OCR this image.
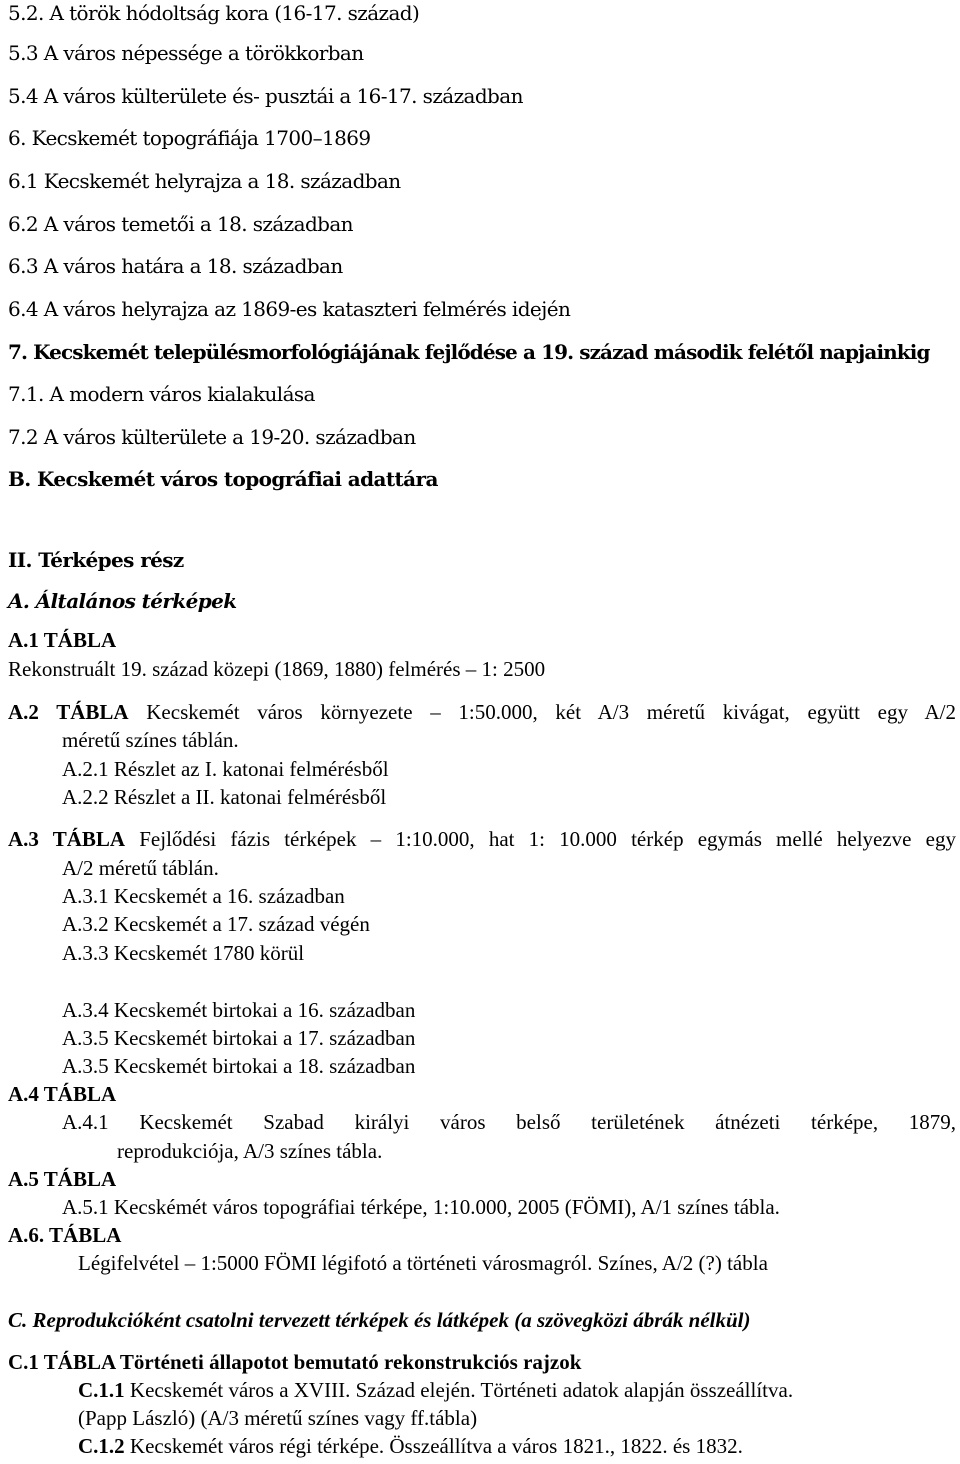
5.2. A török hódoltság kora (16-17. század)
5.3 A város népessége a törökkorban
5.4 A város külterülete és- pusztái a 16-17. században
6. Kecskemét topográfiája 1700–1869
6.1 Kecskemét helyrajza a 18. században
6.2 A város temetői a 18. században
6.3 A város határa a 18. században
6.4 A város helyrajza az 1869-es kataszteri felmérés idején
7. Kecskemét településmorfológiájának fejlődése a 19. század második felétől napjainkig
7.1. A modern város kialakulása
7.2 A város külterülete a 19-20. században
B. Kecskemét város topográfiai adattára
II. Térképes rész
A. Általános térképek
A.1 TÁBLA
Rekonstruált 19. század közepi (1869, 1880) felmérés – 1: 2500
A.2 TÁBLA Kecskemét város környezete – 1:50.000, két A/3 méretű kivágat, együtt egy A/2
méretű színes táblán.
A.2.1 Részlet az I. katonai felmérésből
A.2.2 Részlet a II. katonai felmérésből
A.3 TÁBLA Fejlődési fázis térképek – 1:10.000, hat 1: 10.000 térkép egymás mellé helyezve egy
A/2 méretű táblán.
A.3.1 Kecskemét a 16. században
A.3.2 Kecskemét a 17. század végén
A.3.3 Kecskemét 1780 körül
A.3.4 Kecskemét birtokai a 16. században
A.3.5 Kecskemét birtokai a 17. században
A.3.5 Kecskemét birtokai a 18. században
A.4 TÁBLA
A.4.1 Kecskemét Szabad királyi város belső területének átnézeti térképe, 1879,
reprodukciója, A/3 színes tábla.
A.5 TÁBLA
A.5.1 Kecskémét város topográfiai térképe, 1:10.000, 2005 (FÖMI), A/1 színes tábla.
A.6. TÁBLA
Légifelvétel – 1:5000 FÖMI légifotó a történeti városmagról. Színes, A/2 (?) tábla
C. Reprodukcióként csatolni tervezett térképek és látképek (a szövegközi ábrák nélkül)
C.1 TÁBLA Történeti állapotot bemutató rekonstrukciós rajzok
C.1.1 Kecskemét város a XVIII. Század elején. Történeti adatok alapján összeállítva.
(Papp László) (A/3 méretű színes vagy ff.tábla)
C.1.2 Kecskemét város régi térképe. Összeállítva a város 1821., 1822. és 1832.
